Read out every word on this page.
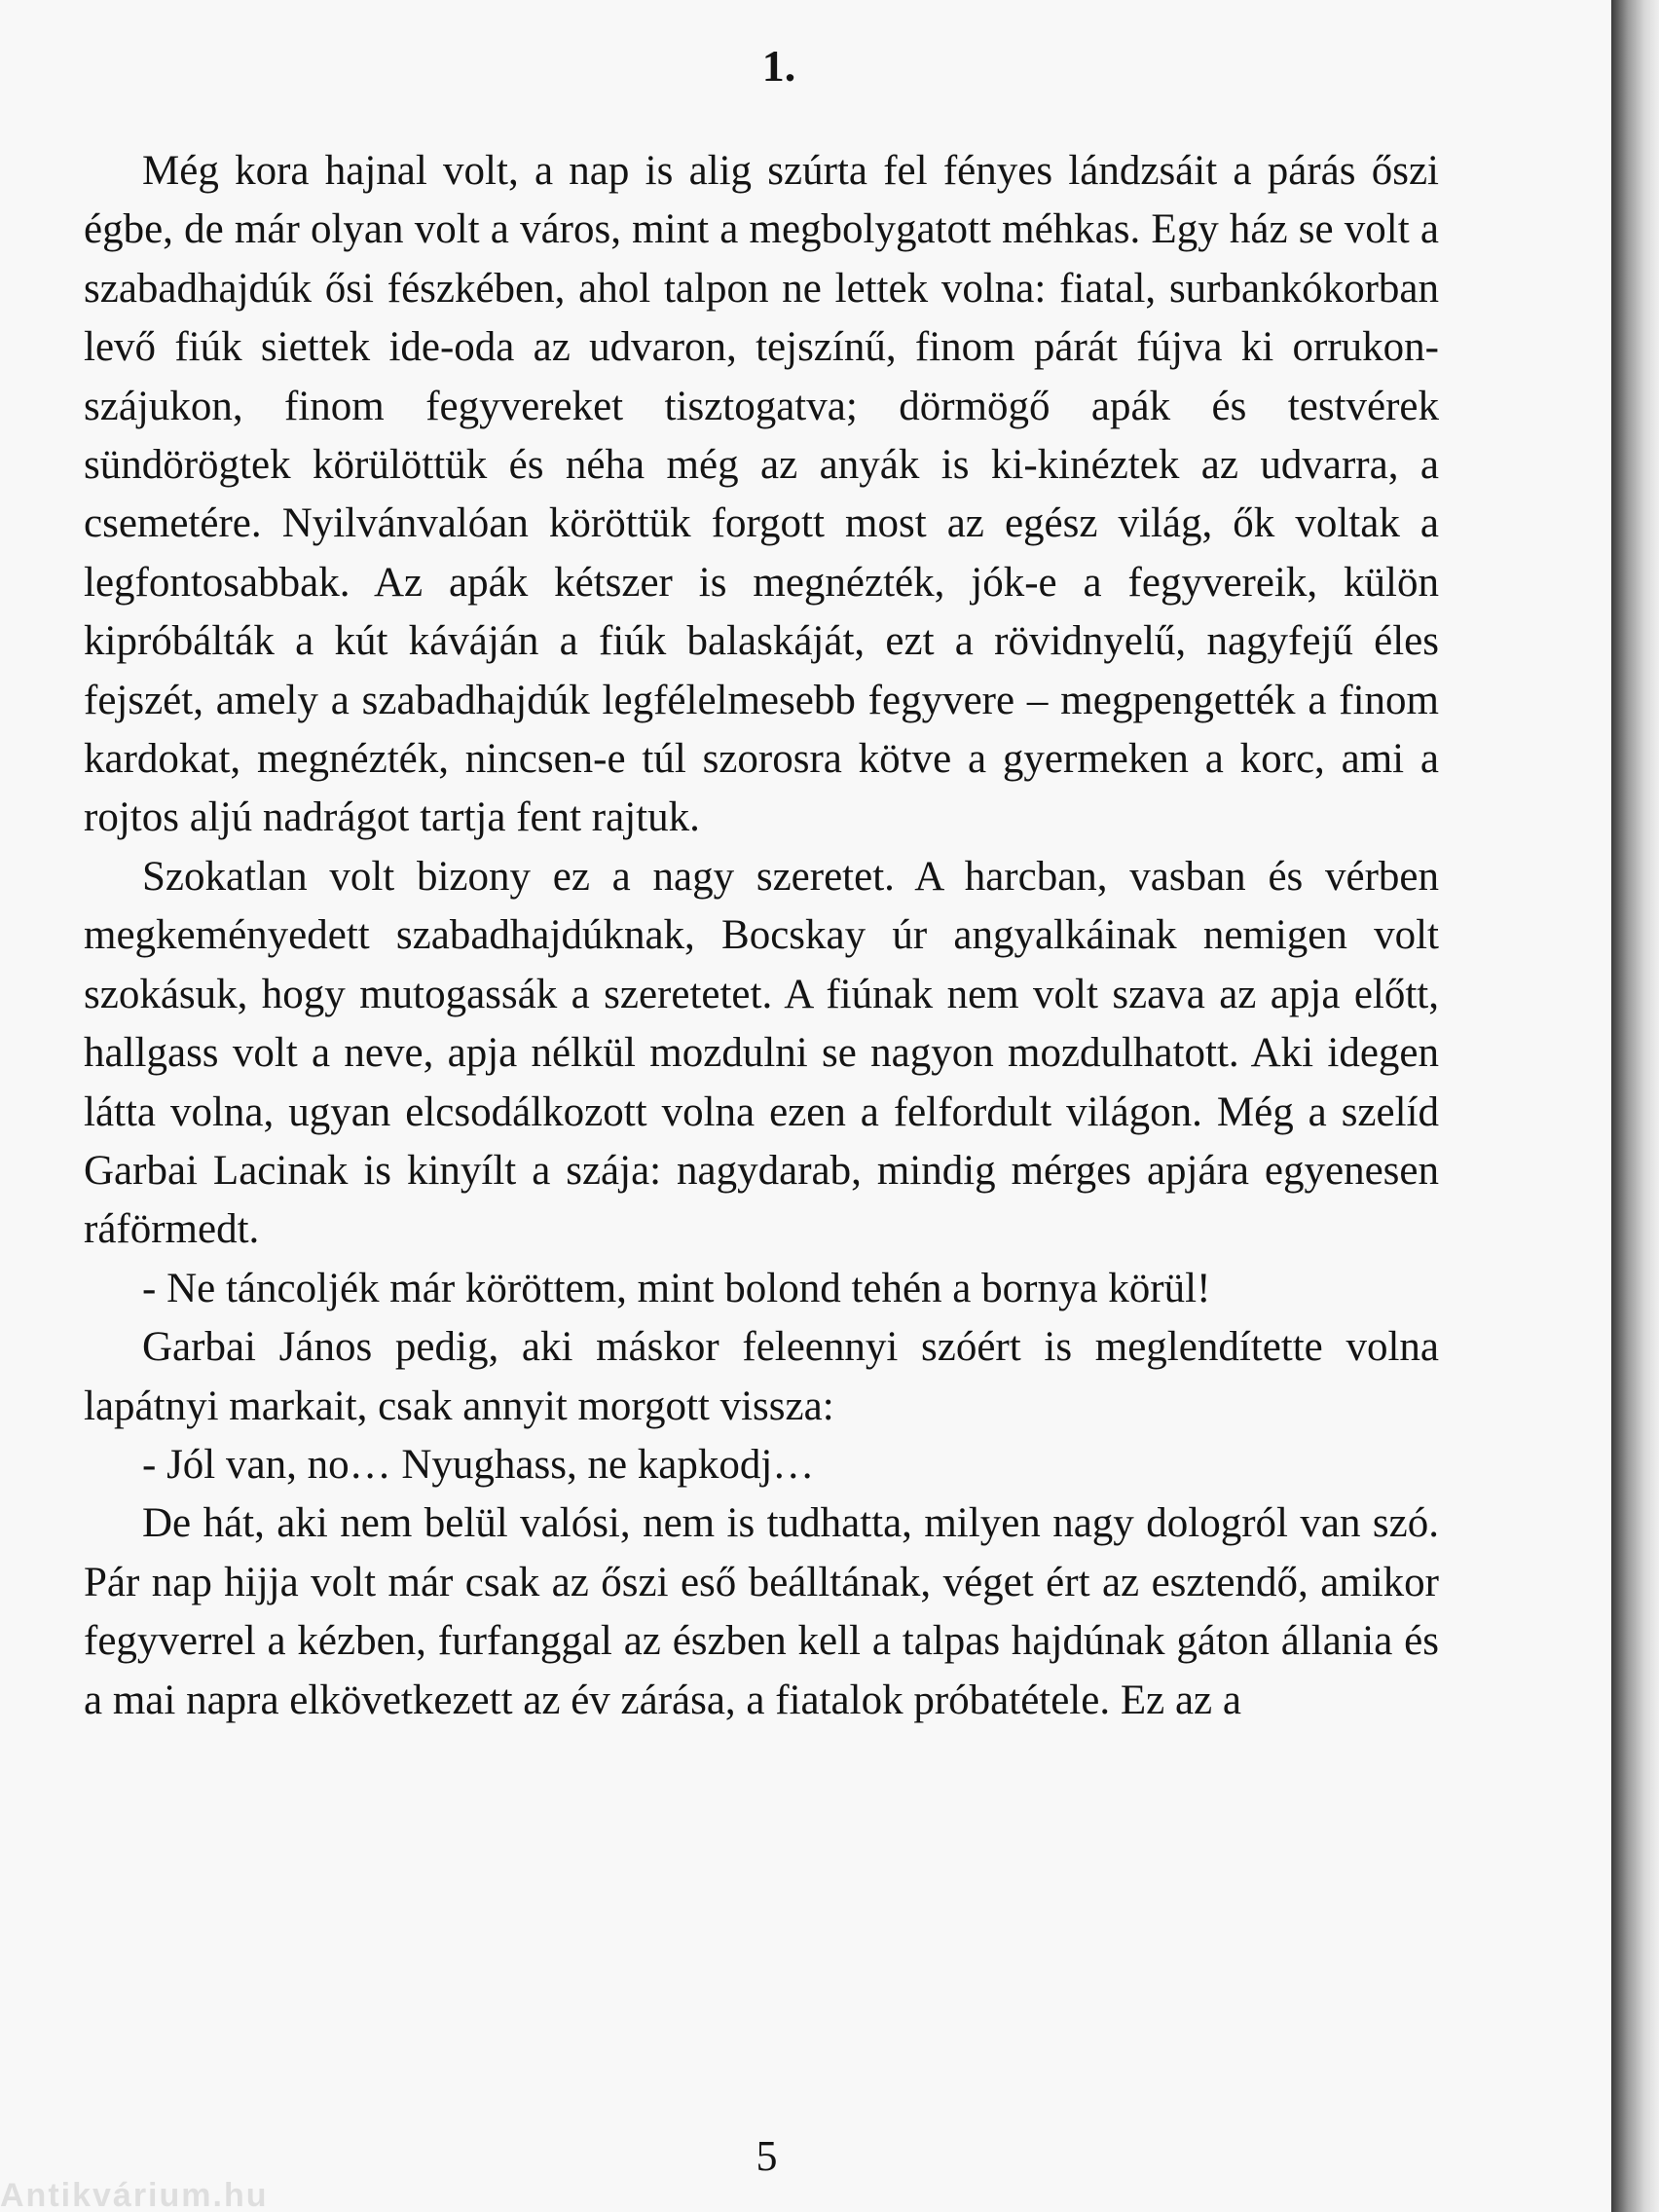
1.

Még kora hajnal volt, a nap is alig szúrta fel fényes lándzsáit a párás őszi égbe, de már olyan volt a város, mint a megbolygatott méhkas. Egy ház se volt a szabadhajdúk ősi fészkében, ahol talpon ne lettek volna: fiatal, surbankókorban levő fiúk siettek ide-oda az udvaron, tejszínű, finom párát fújva ki orrukon-szájukon, finom fegyvereket tisztogatva; dörmögő apák és testvérek sündörögtek körülöttük és néha még az anyák is ki-kinéztek az udvarra, a csemetére. Nyilvánvalóan köröttük forgott most az egész világ, ők voltak a legfontosabbak. Az apák kétszer is megnézték, jók-e a fegyvereik, külön kipróbálták a kút káváján a fiúk balaskáját, ezt a rövidnyelű, nagyfejű éles fejszét, amely a szabadhajdúk legfélelmesebb fegyvere – megpengették a finom kardokat, megnézték, nincsen-e túl szorosra kötve a gyermeken a korc, ami a rojtos aljú nadrágot tartja fent rajtuk.

Szokatlan volt bizony ez a nagy szeretet. A harcban, vasban és vérben megkeményedett szabadhajdúknak, Bocskay úr angyalkáinak nemigen volt szokásuk, hogy mutogassák a szeretetet. A fiúnak nem volt szava az apja előtt, hallgass volt a neve, apja nélkül mozdulni se nagyon mozdulhatott. Aki idegen látta volna, ugyan elcsodálkozott volna ezen a felfordult világon. Még a szelíd Garbai Lacinak is kinyílt a szája: nagydarab, mindig mérges apjára egyenesen ráförmedt.

- Ne táncoljék már köröttem, mint bolond tehén a bornya körül!

Garbai János pedig, aki máskor feleennyi szóért is meglendítette volna lapátnyi markait, csak annyit morgott vissza:

- Jól van, no… Nyughass, ne kapkodj…

De hát, aki nem belül valósi, nem is tudhatta, milyen nagy dologról van szó. Pár nap hijja volt már csak az őszi eső beálltának, véget ért az esztendő, amikor fegyverrel a kézben, furfanggal az észben kell a talpas hajdúnak gáton állania és a mai napra elkövetkezett az év zárása, a fiatalok próbatétele. Ez az a

5
Antikvárium.hu
